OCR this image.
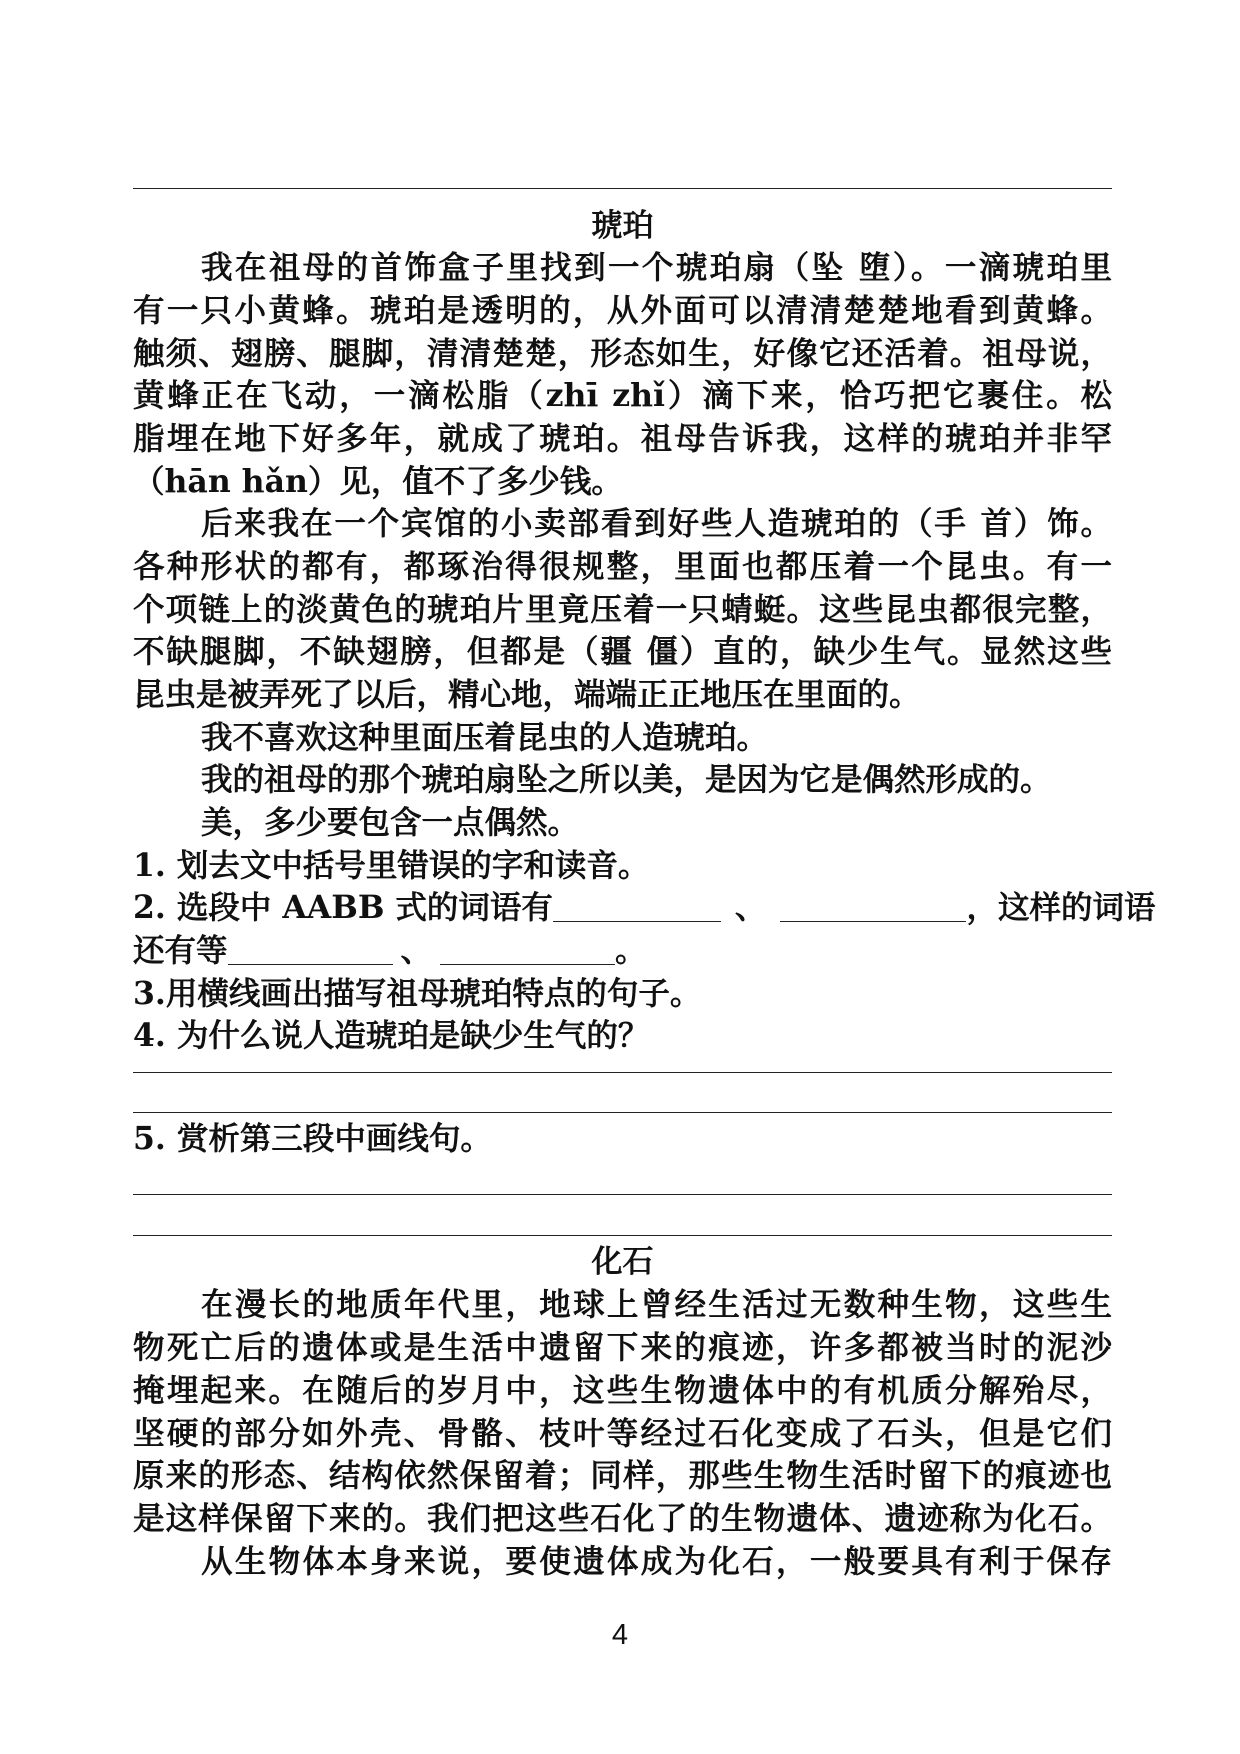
琥珀
我在祖母的首饰盒子里找到一个琥珀扇（坠 堕）。一滴琥珀里
有一只小黄蜂。琥珀是透明的，从外面可以清清楚楚地看到黄蜂。
触须、翅膀、腿脚，清清楚楚，形态如生，好像它还活着。祖母说，
黄蜂正在飞动，一滴松脂（zhī zhǐ）滴下来，恰巧把它裹住。松
脂埋在地下好多年，就成了琥珀。祖母告诉我，这样的琥珀并非罕
（hān hǎn）见，值不了多少钱。
后来我在一个宾馆的小卖部看到好些人造琥珀的（手 首）饰。
各种形状的都有，都琢治得很规整，里面也都压着一个昆虫。有一
个项链上的淡黄色的琥珀片里竟压着一只蜻蜓。这些昆虫都很完整，
不缺腿脚，不缺翅膀，但都是（疆 僵）直的，缺少生气。显然这些
昆虫是被弄死了以后，精心地，端端正正地压在里面的。
我不喜欢这种里面压着昆虫的人造琥珀。
我的祖母的那个琥珀扇坠之所以美，是因为它是偶然形成的。
美，多少要包含一点偶然。
1. 划去文中括号里错误的字和读音。
2. 选段中 AABB 式的词语有	、	，这样的词语
还有等	、	。
3.用横线画出描写祖母琥珀特点的句子。
4. 为什么说人造琥珀是缺少生气的？
5. 赏析第三段中画线句。
化石
在漫长的地质年代里，地球上曾经生活过无数种生物，这些生
物死亡后的遗体或是生活中遗留下来的痕迹，许多都被当时的泥沙
掩埋起来。在随后的岁月中，这些生物遗体中的有机质分解殆尽，
坚硬的部分如外壳、骨骼、枝叶等经过石化变成了石头，但是它们
原来的形态、结构依然保留着；同样，那些生物生活时留下的痕迹也
是这样保留下来的。我们把这些石化了的生物遗体、遗迹称为化石。
从生物体本身来说，要使遗体成为化石，一般要具有利于保存
4
